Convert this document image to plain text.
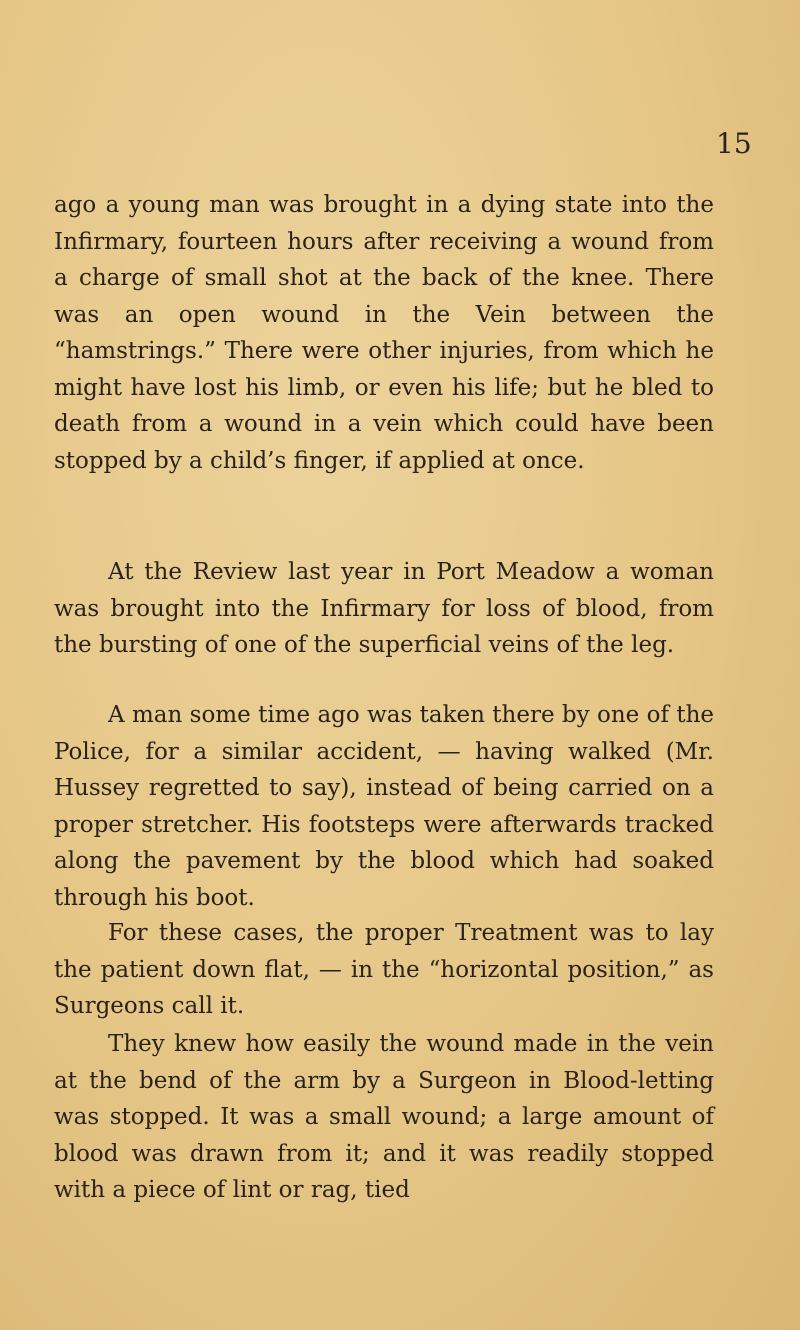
15

ago a young man was brought in a dying state into the Infirmary, fourteen hours after receiving a wound from a charge of small shot at the back of the knee. There was an open wound in the Vein between the “hamstrings.” There were other injuries, from which he might have lost his limb, or even his life; but he bled to death from a wound in a vein which could have been stopped by a child’s finger, if applied at once.

At the Review last year in Port Meadow a woman was brought into the Infirmary for loss of blood, from the bursting of one of the superficial veins of the leg.

A man some time ago was taken there by one of the Police, for a similar accident, — having walked (Mr. Hussey regretted to say), instead of being carried on a proper stretcher. His footsteps were afterwards tracked along the pavement by the blood which had soaked through his boot.

For these cases, the proper Treatment was to lay the patient down flat, — in the “horizontal position,” as Surgeons call it.

They knew how easily the wound made in the vein at the bend of the arm by a Surgeon in Blood-letting was stopped. It was a small wound; a large amount of blood was drawn from it; and it was readily stopped with a piece of lint or rag, tied
